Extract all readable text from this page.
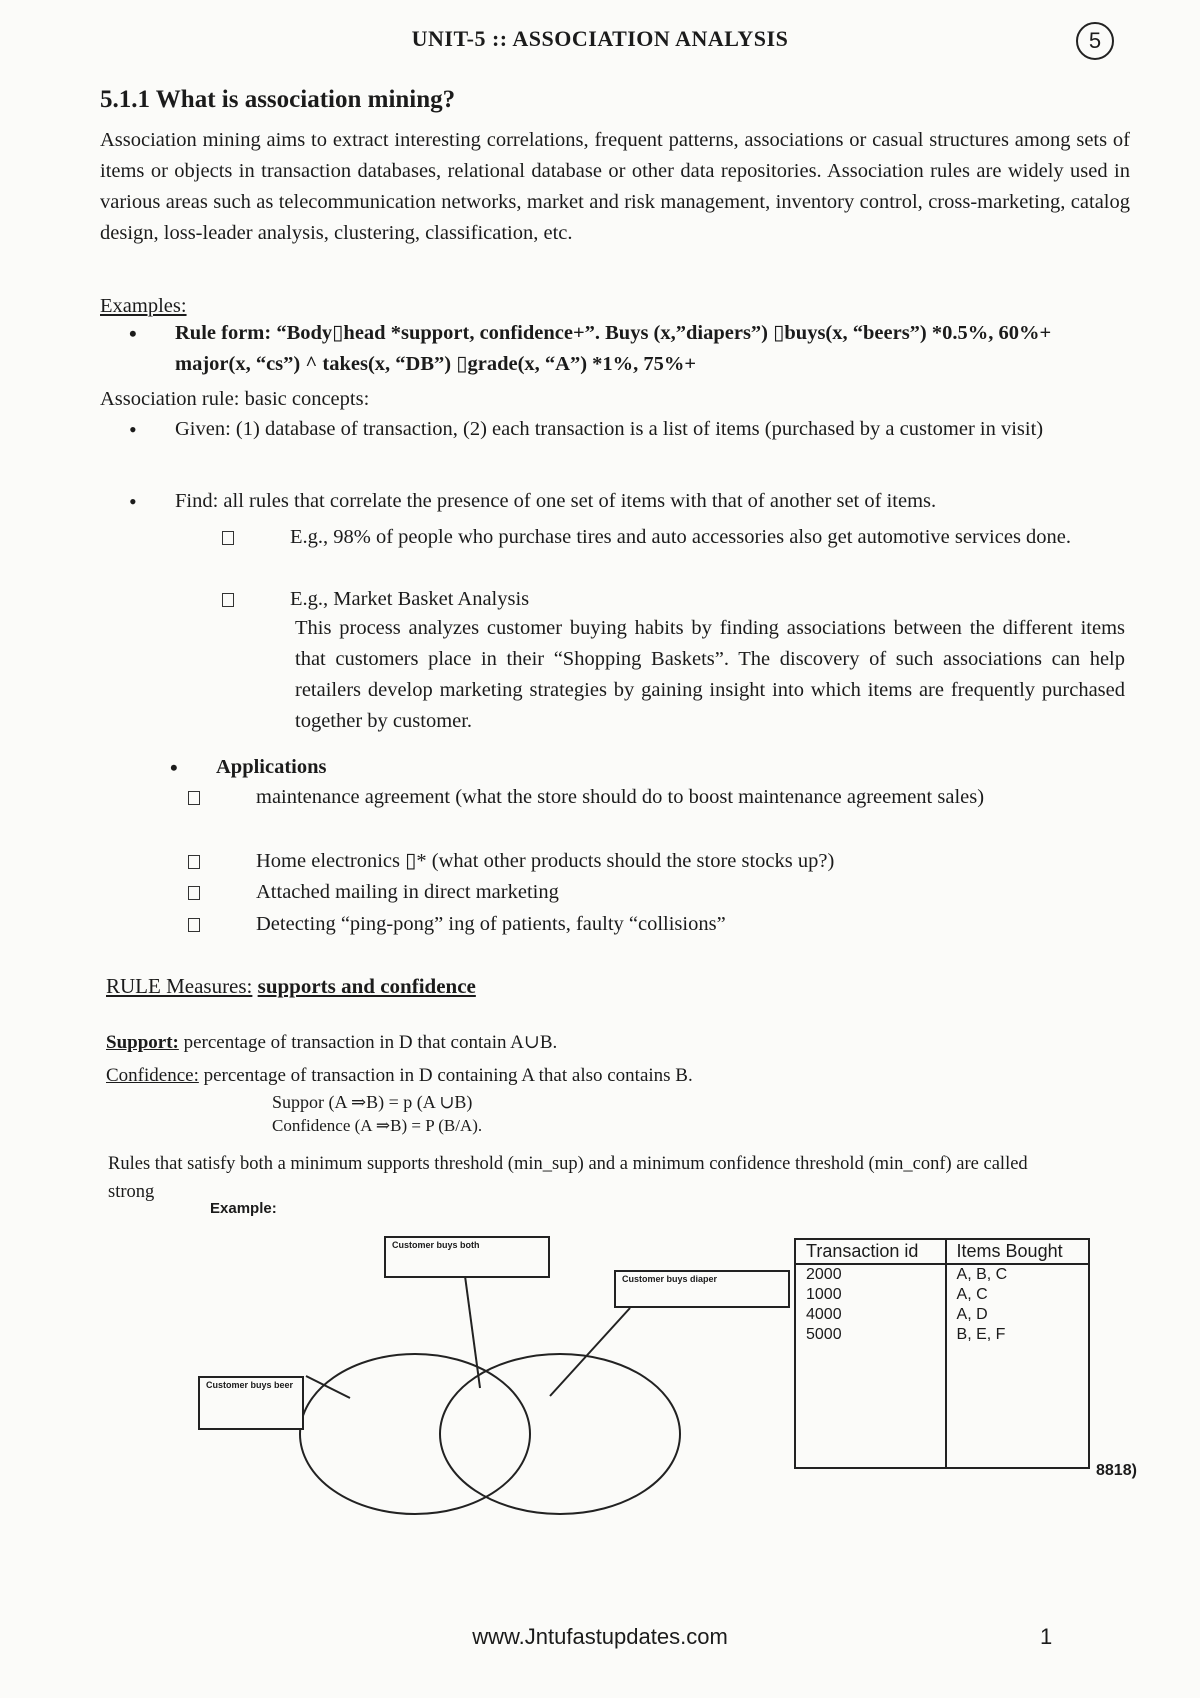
UNIT-5 :: ASSOCIATION ANALYSIS	5
5.1.1 What is association mining?
Association mining aims to extract interesting correlations, frequent patterns, associations or casual structures among sets of items or objects in transaction databases, relational database or other data repositories. Association rules are widely used in various areas such as telecommunication networks, market and risk management, inventory control, cross-marketing, catalog design, loss-leader analysis, clustering, classification, etc.
Examples:
• Rule form: “Body▯head *support, confidence+”. Buys (x,”diapers”) ▯buys(x, “beers”) *0.5%, 60%+ major(x, “cs”) ^ takes(x, “DB”) ▯grade(x, “A”) *1%, 75%+
Association rule: basic concepts:
• Given: (1) database of transaction, (2) each transaction is a list of items (purchased by a customer in visit)
• Find: all rules that correlate the presence of one set of items with that of another set of items.
E.g., 98% of people who purchase tires and auto accessories also get automotive services done.
E.g., Market Basket Analysis
This process analyzes customer buying habits by finding associations between the different items that customers place in their “Shopping Baskets”. The discovery of such associations can help retailers develop marketing strategies by gaining insight into which items are frequently purchased together by customer.
• Applications
maintenance agreement (what the store should do to boost maintenance agreement sales)
Home electronics ▯* (what other products should the store stocks up?)
Attached mailing in direct marketing
Detecting “ping-pong” ing of patients, faulty “collisions”
RULE Measures: supports and confidence
Support: percentage of transaction in D that contain A∪B.
Confidence: percentage of transaction in D containing A that also contains B.
Suppor (A ⇒B) = p (A ∪B)
Confidence (A ⇒B) = P (B/A).
Rules that satisfy both a minimum supports threshold (min_sup) and a minimum confidence threshold (min_conf) are called strong
Example:
Customer buys both
Customer buys diaper
Customer buys beer
Transaction id	Items Bought
2000	A, B, C
1000	A, C
4000	A, D
5000	B, E, F

8818)
www.Jntufastupdates.com	1
